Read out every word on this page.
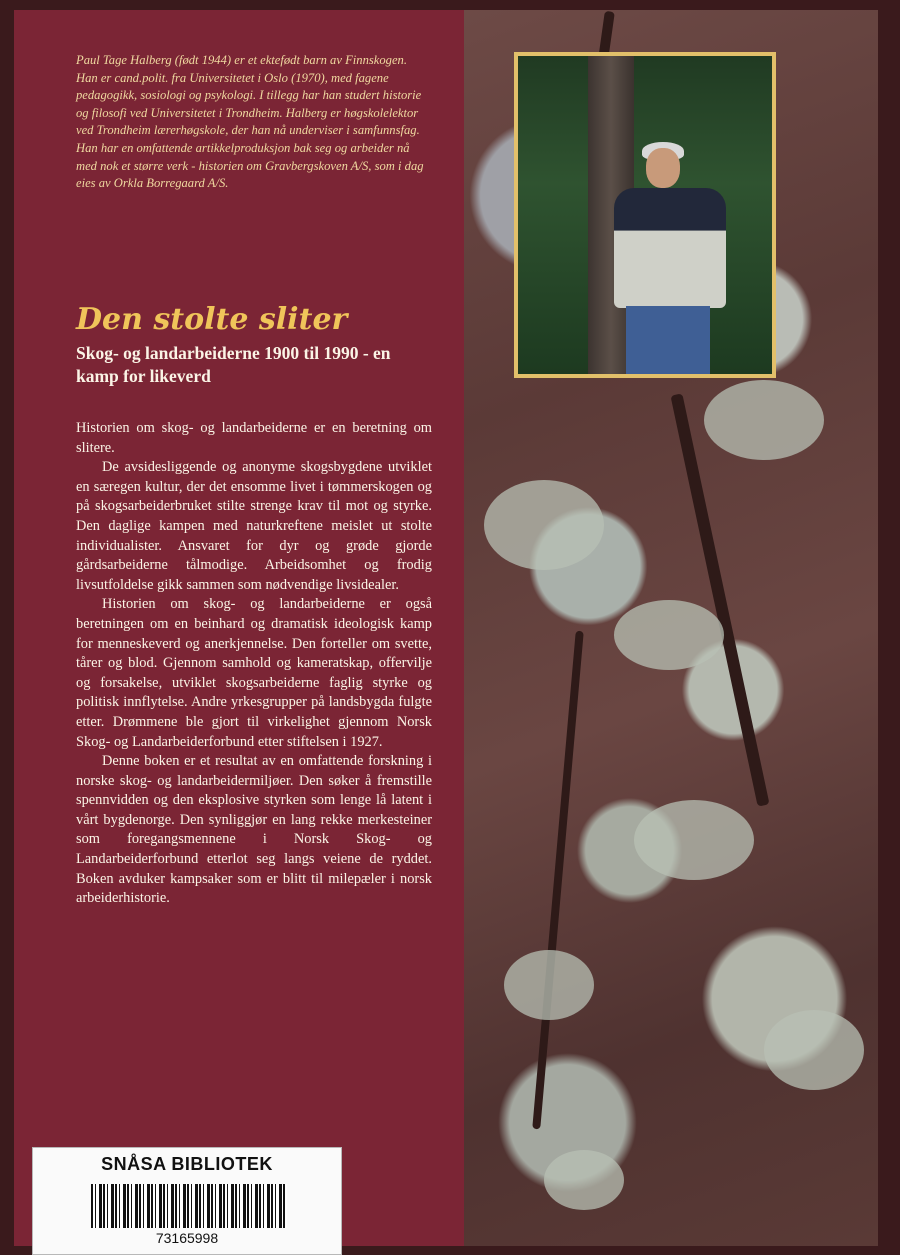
Paul Tage Halberg (født 1944) er et ektefødt barn av Finnskogen. Han er cand.polit. fra Universitetet i Oslo (1970), med fagene pedagogikk, sosiologi og psykologi. I tillegg har han studert historie og filosofi ved Universitetet i Trondheim. Halberg er høgskolelektor ved Trondheim lærerhøgskole, der han nå underviser i samfunnsfag. Han har en omfattende artikkelproduksjon bak seg og arbeider nå med nok et større verk - historien om Gravbergskoven A/S, som i dag eies av Orkla Borregaard A/S.

Den stolte sliter
Skog- og landarbeiderne 1900 til 1990 - en kamp for likeverd

Historien om skog- og landarbeiderne er en beretning om slitere.

De avsidesliggende og anonyme skogsbygdene utviklet en særegen kultur, der det ensomme livet i tømmerskogen og på skogsarbeiderbruket stilte strenge krav til mot og styrke. Den daglige kampen med naturkreftene meislet ut stolte individualister. Ansvaret for dyr og grøde gjorde gårdsarbeiderne tålmodige. Arbeidsomhet og frodig livsutfoldelse gikk sammen som nødvendige livsidealer.

Historien om skog- og landarbeiderne er også beretningen om en beinhard og dramatisk ideologisk kamp for menneskeverd og anerkjennelse. Den forteller om svette, tårer og blod. Gjennom samhold og kameratskap, offervilje og forsakelse, utviklet skogsarbeiderne faglig styrke og politisk innflytelse. Andre yrkesgrupper på landsbygda fulgte etter. Drømmene ble gjort til virkelighet gjennom Norsk Skog- og Landarbeiderforbund etter stiftelsen i 1927.

Denne boken er et resultat av en omfattende forskning i norske skog- og landarbeidermiljøer. Den søker å fremstille spennvidden og den eksplosive styrken som lenge lå latent i vårt bygdenorge. Den synliggjør en lang rekke merkesteiner som foregangsmennene i Norsk Skog- og Landarbeiderforbund etterlot seg langs veiene de ryddet. Boken avduker kampsaker som er blitt til milepæler i norsk arbeiderhistorie.

SNÅSA BIBLIOTEK
73165998
